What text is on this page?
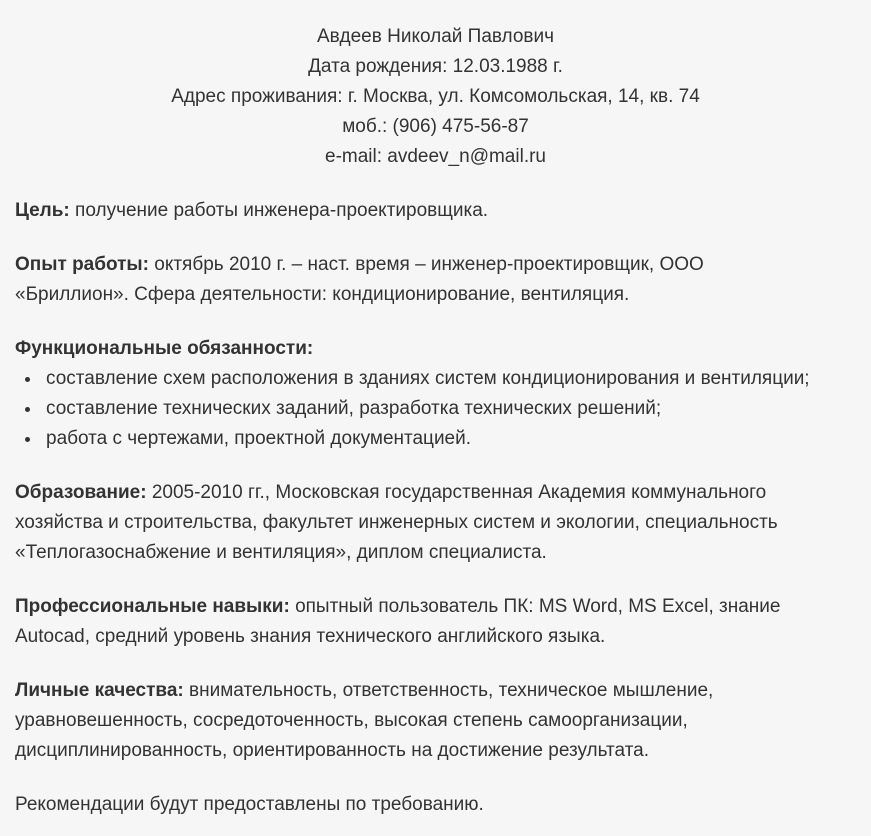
Авдеев Николай Павлович

Дата рождения: 12.03.1988 г.

Адрес проживания: г. Москва, ул. Комсомольская, 14, кв. 74

моб.: (906) 475-56-87

e-mail: avdeev_n@mail.ru

Цель: получение работы инженера-проектировщика.

Опыт работы: октябрь 2010 г. – наст. время – инженер-проектировщик, ООО «Бриллион». Сфера деятельности: кондиционирование, вентиляция.

Функциональные обязанности:

• составление схем расположения в зданиях систем кондиционирования и вентиляции;
• составление технических заданий, разработка технических решений;
• работа с чертежами, проектной документацией.

Образование: 2005-2010 гг., Московская государственная Академия коммунального хозяйства и строительства, факультет инженерных систем и экологии, специальность «Теплогазоснабжение и вентиляция», диплом специалиста.

Профессиональные навыки: опытный пользователь ПК: MS Word, MS Excel, знание Autocad, средний уровень знания технического английского языка.

Личные качества: внимательность, ответственность, техническое мышление, уравновешенность, сосредоточенность, высокая степень самоорганизации, дисциплинированность, ориентированность на достижение результата.

Рекомендации будут предоставлены по требованию.
